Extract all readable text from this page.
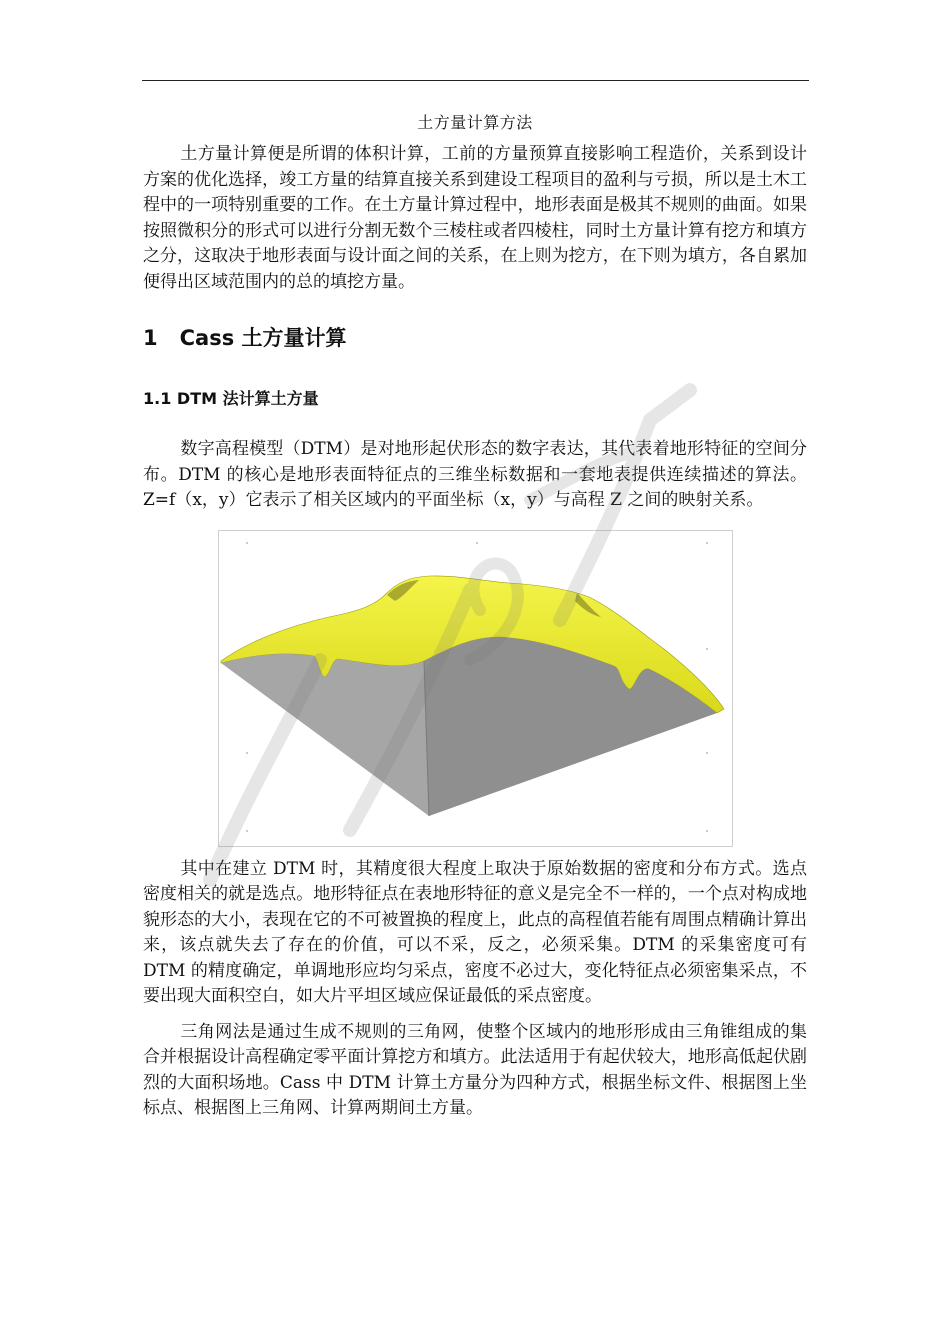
土方量计算方法

土方量计算便是所谓的体积计算，工前的方量预算直接影响工程造价，关系到设计方案的优化选择，竣工方量的结算直接关系到建设工程项目的盈利与亏损，所以是土木工程中的一项特别重要的工作。在土方量计算过程中，地形表面是极其不规则的曲面。如果按照微积分的形式可以进行分割无数个三棱柱或者四棱柱，同时土方量计算有挖方和填方之分，这取决于地形表面与设计面之间的关系，在上则为挖方，在下则为填方，各自累加便得出区域范围内的总的填挖方量。

1 Cass 土方量计算
1.1 DTM 法计算土方量

数字高程模型（DTM）是对地形起伏形态的数字表达，其代表着地形特征的空间分布。DTM 的核心是地形表面特征点的三维坐标数据和一套地表提供连续描述的算法。Z=f（x，y）它表示了相关区域内的平面坐标（x，y）与高程 Z 之间的映射关系。

其中在建立 DTM 时，其精度很大程度上取决于原始数据的密度和分布方式。选点密度相关的就是选点。地形特征点在表地形特征的意义是完全不一样的，一个点对构成地貌形态的大小，表现在它的不可被置换的程度上，此点的高程值若能有周围点精确计算出来，该点就失去了存在的价值，可以不采，反之，必须采集。DTM 的采集密度可有 DTM 的精度确定，单调地形应均匀采点，密度不必过大，变化特征点必须密集采点，不要出现大面积空白，如大片平坦区域应保证最低的采点密度。

三角网法是通过生成不规则的三角网，使整个区域内的地形形成由三角锥组成的集合并根据设计高程确定零平面计算挖方和填方。此法适用于有起伏较大，地形高低起伏剧烈的大面积场地。Cass 中 DTM 计算土方量分为四种方式，根据坐标文件、根据图上坐标点、根据图上三角网、计算两期间土方量。
